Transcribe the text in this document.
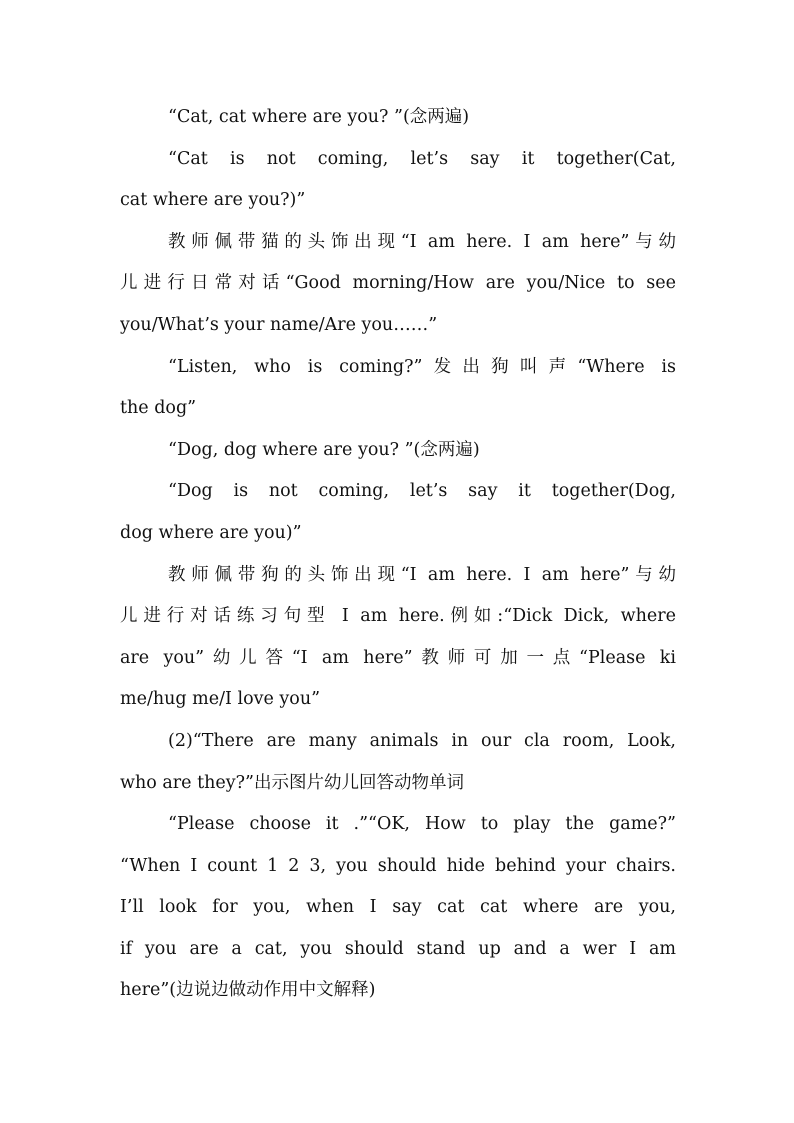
“Cat, cat where are you? ”(念两遍)
“Cat is not coming, let’s say it together(Cat,
cat where are you?)”
教师佩带猫的头饰出现“I am here. I am here”与幼
儿进行日常对话“Good morning/How are you/Nice to see
you/What’s your name/Are you……”
“Listen, who is coming?”发出狗叫声“Where is
the dog”
“Dog, dog where are you? ”(念两遍)
“Dog is not coming, let’s say it together(Dog,
dog where are you)”
教师佩带狗的头饰出现“I am here. I am here”与幼
儿进行对话练习句型 I am here.例如:“Dick Dick, where
are you”幼儿答“I am here”教师可加一点“Please ki
me/hug me/I love you”
(2)“There are many animals in our cla room, Look,
who are they?”出示图片幼儿回答动物单词
“Please choose it .”“OK, How to play the game?”
“When I count 1 2 3, you should hide behind your chairs.
I’ll look for you, when I say cat cat where are you,
if you are a cat, you should stand up and a wer I am
here”(边说边做动作用中文解释)
